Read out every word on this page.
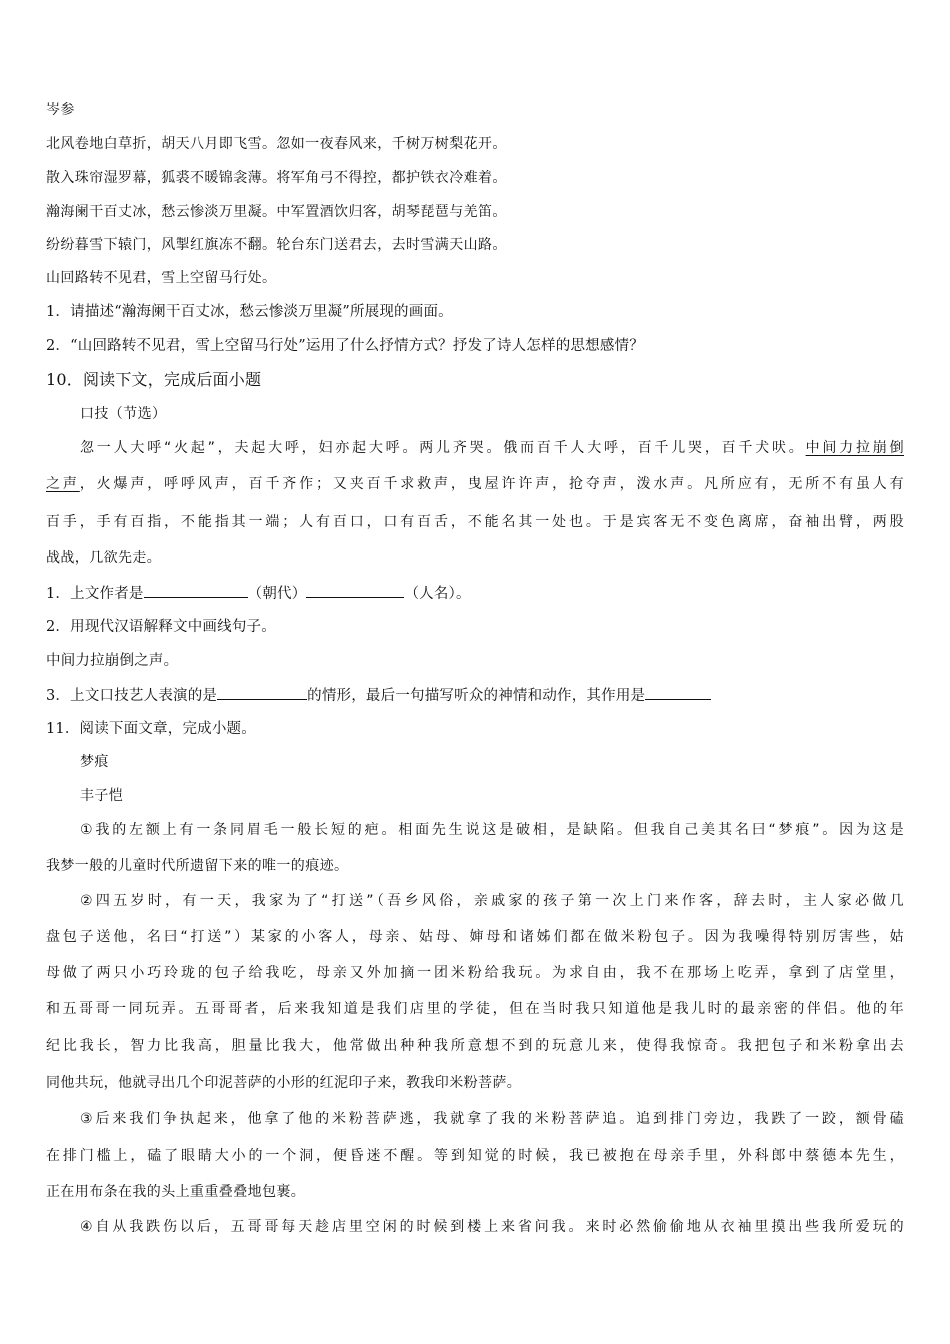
岑参
北风卷地白草折，胡天八月即飞雪。忽如一夜春风来，千树万树梨花开。
散入珠帘湿罗幕，狐裘不暖锦衾薄。将军角弓不得控，都护铁衣冷难着。
瀚海阑干百丈冰，愁云惨淡万里凝。中军置酒饮归客，胡琴琵琶与羌笛。
纷纷暮雪下辕门，风掣红旗冻不翻。轮台东门送君去，去时雪满天山路。
山回路转不见君，雪上空留马行处。
1．请描述“瀚海阑干百丈冰，愁云惨淡万里凝”所展现的画面。
2．“山回路转不见君，雪上空留马行处”运用了什么抒情方式？抒发了诗人怎样的思想感情？
10．阅读下文，完成后面小题
口技（节选）
忽一人大呼“火起”，夫起大呼，妇亦起大呼。两儿齐哭。俄而百千人大呼，百千儿哭，百千犬吠。中间力拉崩倒
之声，火爆声，呼呼风声，百千齐作；又夹百千求救声，曳屋许许声，抢夺声，泼水声。凡所应有，无所不有虽人有
百手，手有百指，不能指其一端；人有百口，口有百舌，不能名其一处也。于是宾客无不变色离席，奋袖出臂，两股
战战，几欲先走。
1．上文作者是	（朝代）	（人名）。
2．用现代汉语解释文中画线句子。
中间力拉崩倒之声。
3．上文口技艺人表演的是	的情形，最后一句描写听众的神情和动作，其作用是
11．阅读下面文章，完成小题。
梦痕
丰子恺
①我的左额上有一条同眉毛一般长短的疤。相面先生说这是破相，是缺陷。但我自己美其名曰“梦痕”。因为这是
我梦一般的儿童时代所遗留下来的唯一的痕迹。
②四五岁时，有一天，我家为了“打送”（吾乡风俗，亲戚家的孩子第一次上门来作客，辞去时，主人家必做几
盘包子送他，名曰“打送”）某家的小客人，母亲、姑母、婶母和诸姊们都在做米粉包子。因为我噪得特别厉害些，姑
母做了两只小巧玲珑的包子给我吃，母亲又外加摘一团米粉给我玩。为求自由，我不在那场上吃弄，拿到了店堂里，
和五哥哥一同玩弄。五哥哥者，后来我知道是我们店里的学徒，但在当时我只知道他是我儿时的最亲密的伴侣。他的年
纪比我长，智力比我高，胆量比我大，他常做出种种我所意想不到的玩意儿来，使得我惊奇。我把包子和米粉拿出去
同他共玩，他就寻出几个印泥菩萨的小形的红泥印子来，教我印米粉菩萨。
③后来我们争执起来，他拿了他的米粉菩萨逃，我就拿了我的米粉菩萨追。追到排门旁边，我跌了一跤，额骨磕
在排门槛上，磕了眼睛大小的一个洞，便昏迷不醒。等到知觉的时候，我已被抱在母亲手里，外科郎中蔡德本先生，
正在用布条在我的头上重重叠叠地包裹。
④自从我跌伤以后，五哥哥每天趁店里空闲的时候到楼上来省问我。来时必然偷偷地从衣袖里摸出些我所爱玩的
